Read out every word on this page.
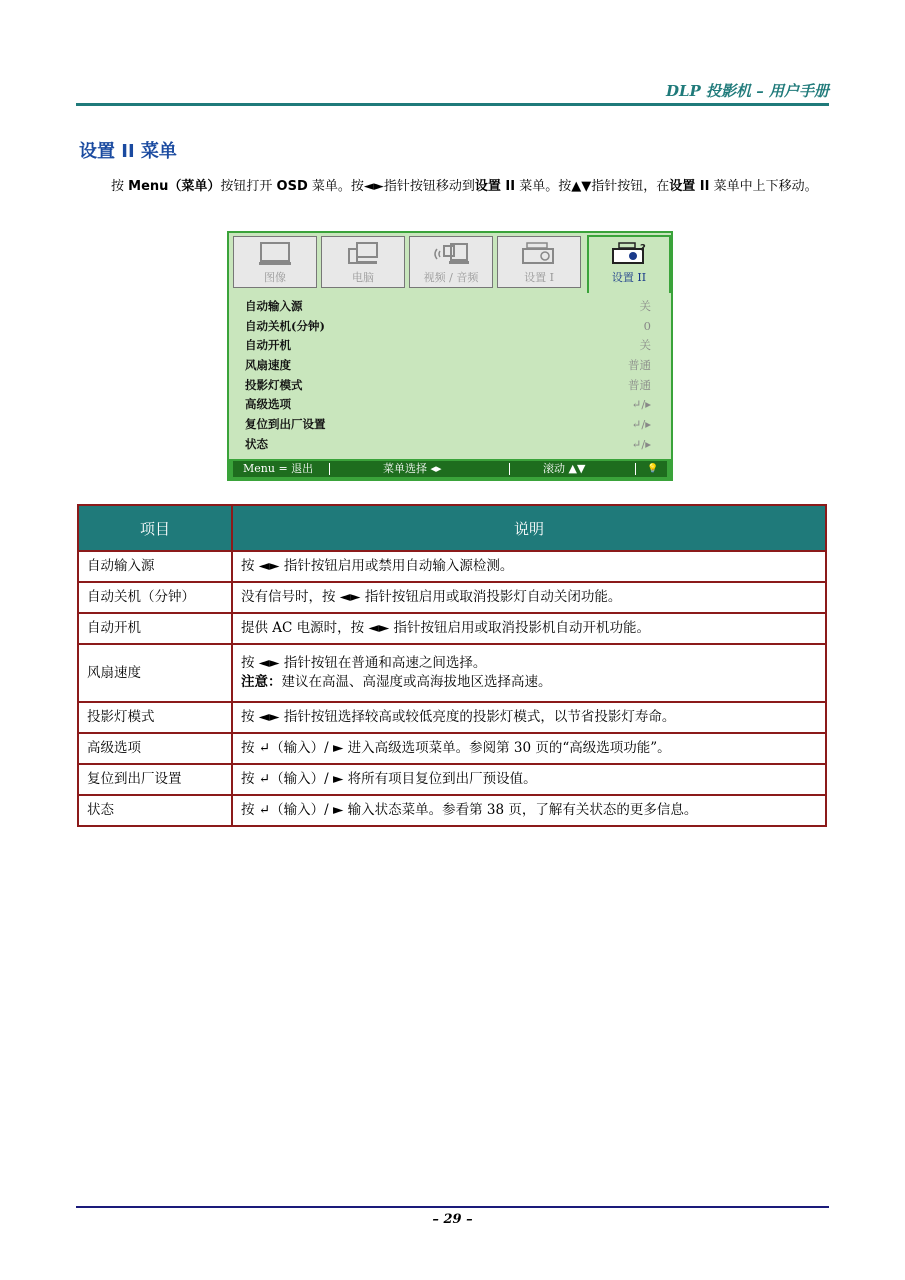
DLP 投影机 – 用户手册
设置 II 菜单
按 Menu（菜单）按钮打开 OSD 菜单。按◄►指针按钮移动到设置 II 菜单。按▲▼指针按钮，在设置 II 菜单中上下移动。
图像	电脑	视频 / 音频	设置 I
?
设置 II
自动输入源	关
自动关机(分钟)	0
自动开机	关
风扇速度	普通
投影灯模式	普通
高级选项	↵/▸
复位到出厂设置	↵/▸
状态	↵/▸
Menu = 退出	菜单选择 ◂▸	滚动 ▲▼	💡
项目	说明
自动输入源	按 ◄► 指针按钮启用或禁用自动输入源检测。
自动关机（分钟）	没有信号时，按 ◄► 指针按钮启用或取消投影灯自动关闭功能。
自动开机	提供 AC 电源时，按 ◄► 指针按钮启用或取消投影机自动开机功能。
风扇速度	按 ◄► 指针按钮在普通和高速之间选择。
注意：建议在高温、高湿度或高海拔地区选择高速。

投影灯模式	按 ◄► 指针按钮选择较高或较低亮度的投影灯模式，以节省投影灯寿命。
高级选项	按 ↵（输入）/ ► 进入高级选项菜单。参阅第 30 页的“高级选项功能”。
复位到出厂设置	按 ↵（输入）/ ► 将所有项目复位到出厂预设值。
状态	按 ↵（输入）/ ► 输入状态菜单。参看第 38 页，了解有关状态的更多信息。
– 29 –
